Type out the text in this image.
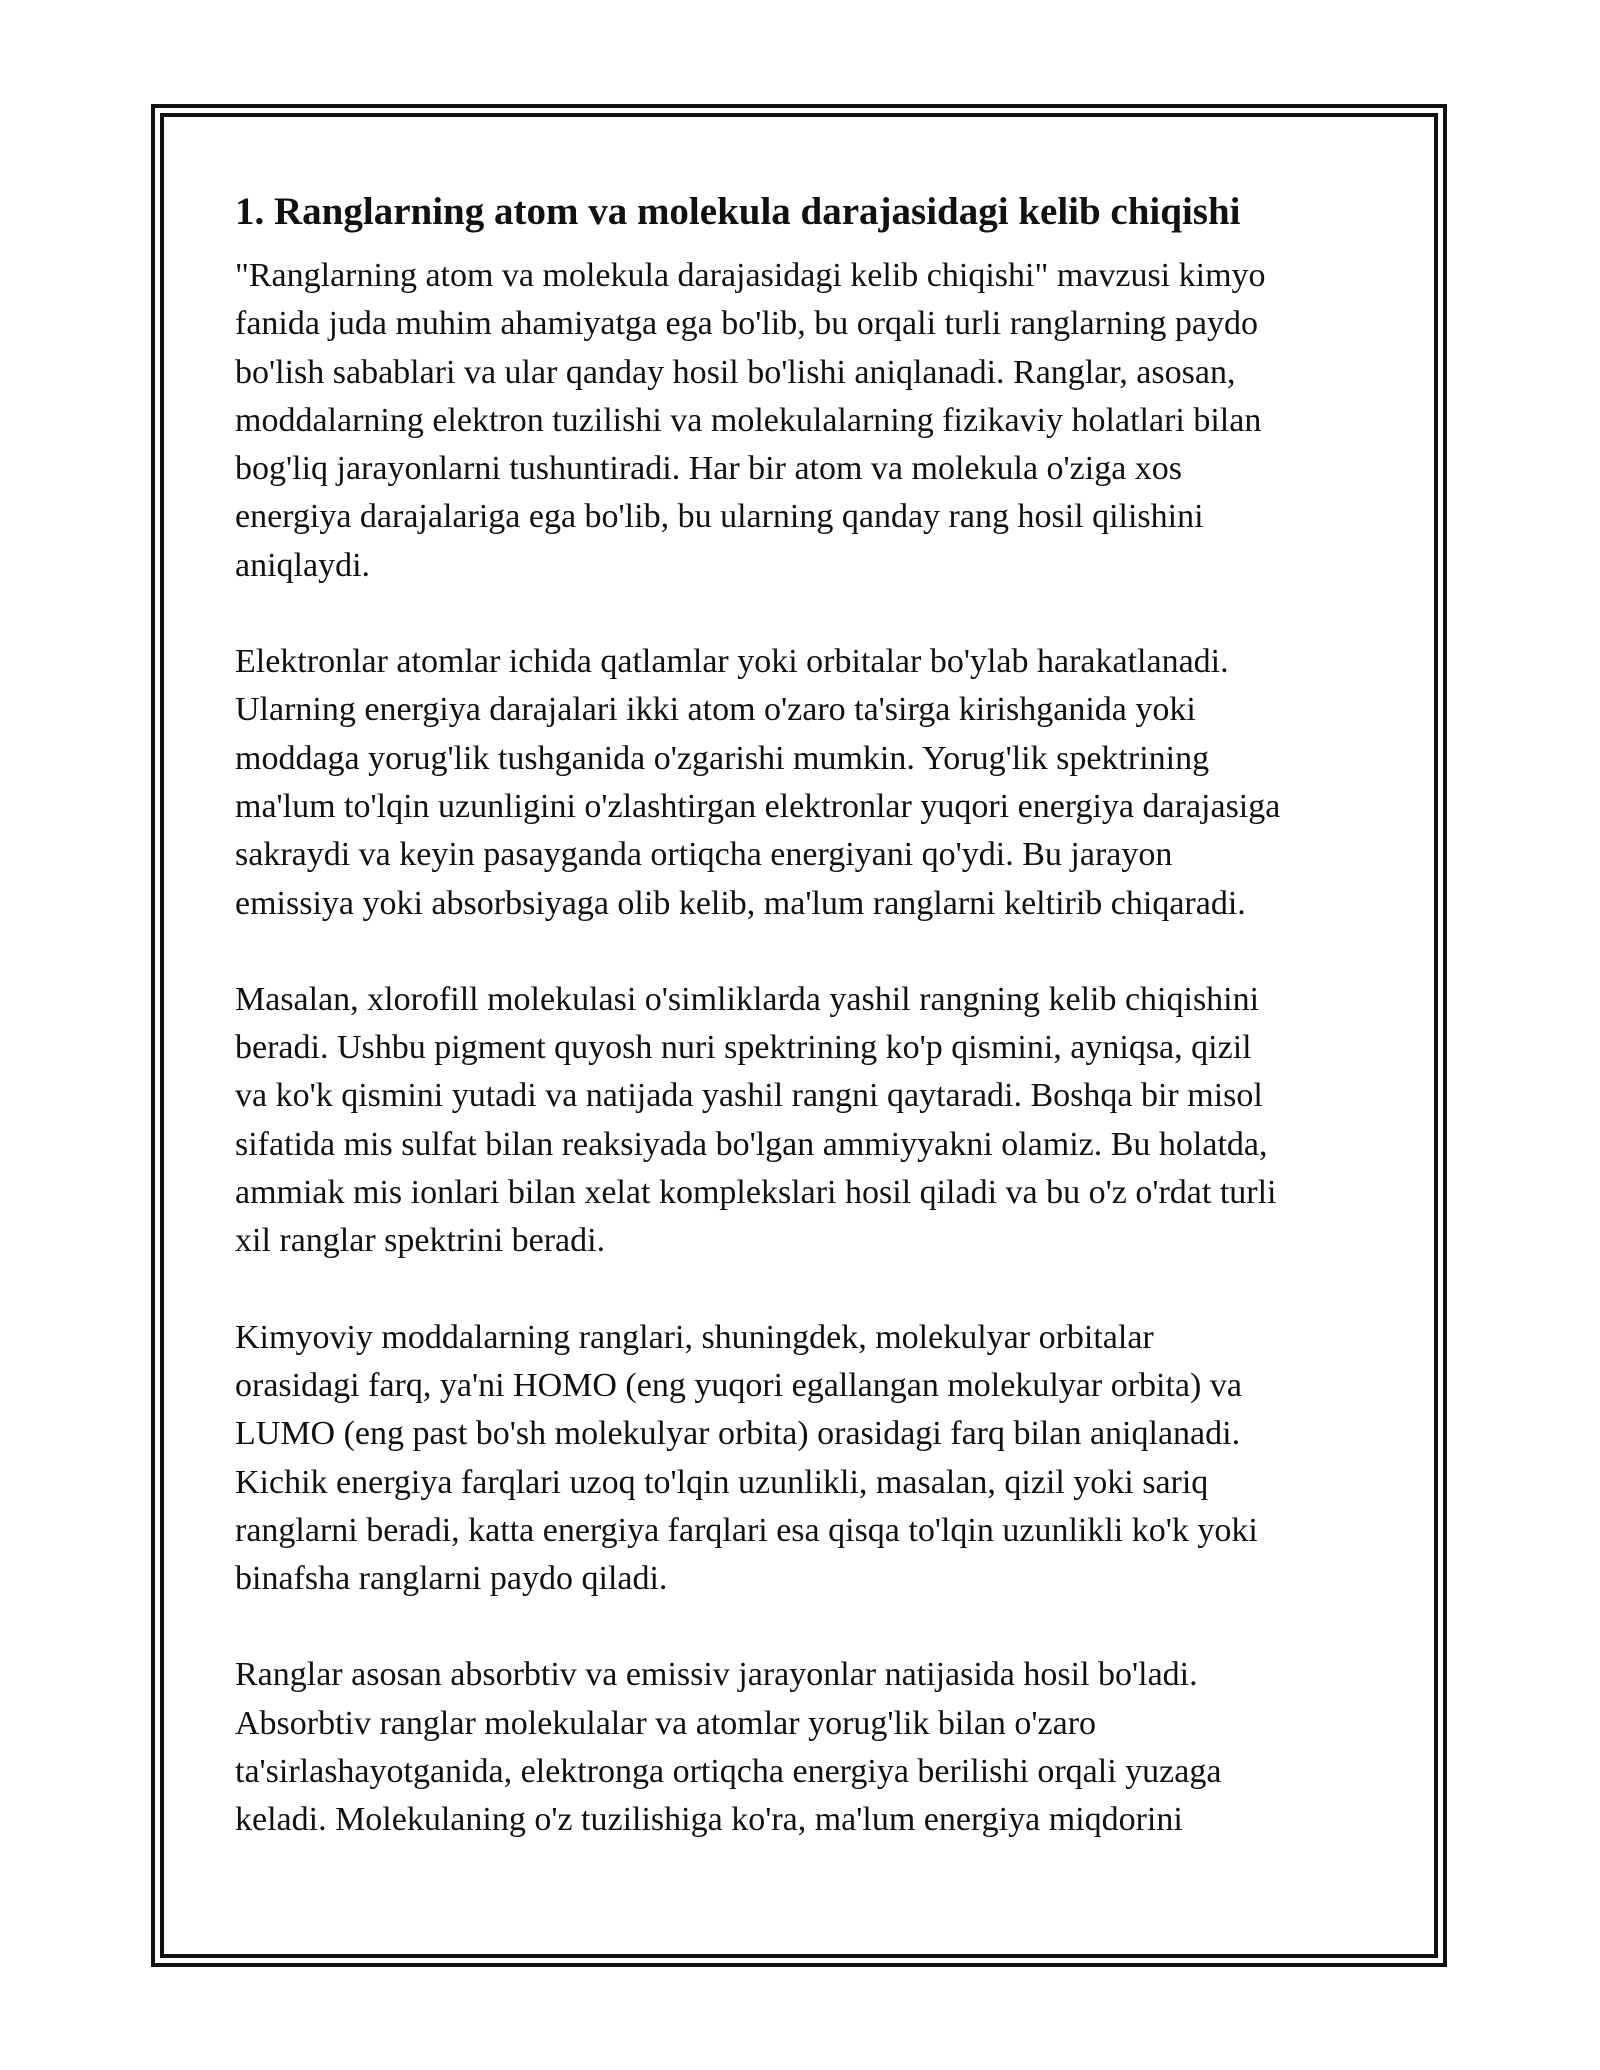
1. Ranglarning atom va molekula darajasidagi kelib chiqishi
"Ranglarning atom va molekula darajasidagi kelib chiqishi" mavzusi kimyo
fanida juda muhim ahamiyatga ega bo'lib, bu orqali turli ranglarning paydo
bo'lish sabablari va ular qanday hosil bo'lishi aniqlanadi. Ranglar, asosan,
moddalarning elektron tuzilishi va molekulalarning fizikaviy holatlari bilan
bog'liq jarayonlarni tushuntiradi. Har bir atom va molekula o'ziga xos
energiya darajalariga ega bo'lib, bu ularning qanday rang hosil qilishini
aniqlaydi.
Elektronlar atomlar ichida qatlamlar yoki orbitalar bo'ylab harakatlanadi.
Ularning energiya darajalari ikki atom o'zaro ta'sirga kirishganida yoki
moddaga yorug'lik tushganida o'zgarishi mumkin. Yorug'lik spektrining
ma'lum to'lqin uzunligini o'zlashtirgan elektronlar yuqori energiya darajasiga
sakraydi va keyin pasayganda ortiqcha energiyani qo'ydi. Bu jarayon
emissiya yoki absorbsiyaga olib kelib, ma'lum ranglarni keltirib chiqaradi.
Masalan, xlorofill molekulasi o'simliklarda yashil rangning kelib chiqishini
beradi. Ushbu pigment quyosh nuri spektrining ko'p qismini, ayniqsa, qizil
va ko'k qismini yutadi va natijada yashil rangni qaytaradi. Boshqa bir misol
sifatida mis sulfat bilan reaksiyada bo'lgan ammiyyakni olamiz. Bu holatda,
ammiak mis ionlari bilan xelat komplekslari hosil qiladi va bu o'z o'rdat turli
xil ranglar spektrini beradi.
Kimyoviy moddalarning ranglari, shuningdek, molekulyar orbitalar
orasidagi farq, ya'ni HOMO (eng yuqori egallangan molekulyar orbita) va
LUMO (eng past bo'sh molekulyar orbita) orasidagi farq bilan aniqlanadi.
Kichik energiya farqlari uzoq to'lqin uzunlikli, masalan, qizil yoki sariq
ranglarni beradi, katta energiya farqlari esa qisqa to'lqin uzunlikli ko'k yoki
binafsha ranglarni paydo qiladi.
Ranglar asosan absorbtiv va emissiv jarayonlar natijasida hosil bo'ladi.
Absorbtiv ranglar molekulalar va atomlar yorug'lik bilan o'zaro
ta'sirlashayotganida, elektronga ortiqcha energiya berilishi orqali yuzaga
keladi. Molekulaning o'z tuzilishiga ko'ra, ma'lum energiya miqdorini
